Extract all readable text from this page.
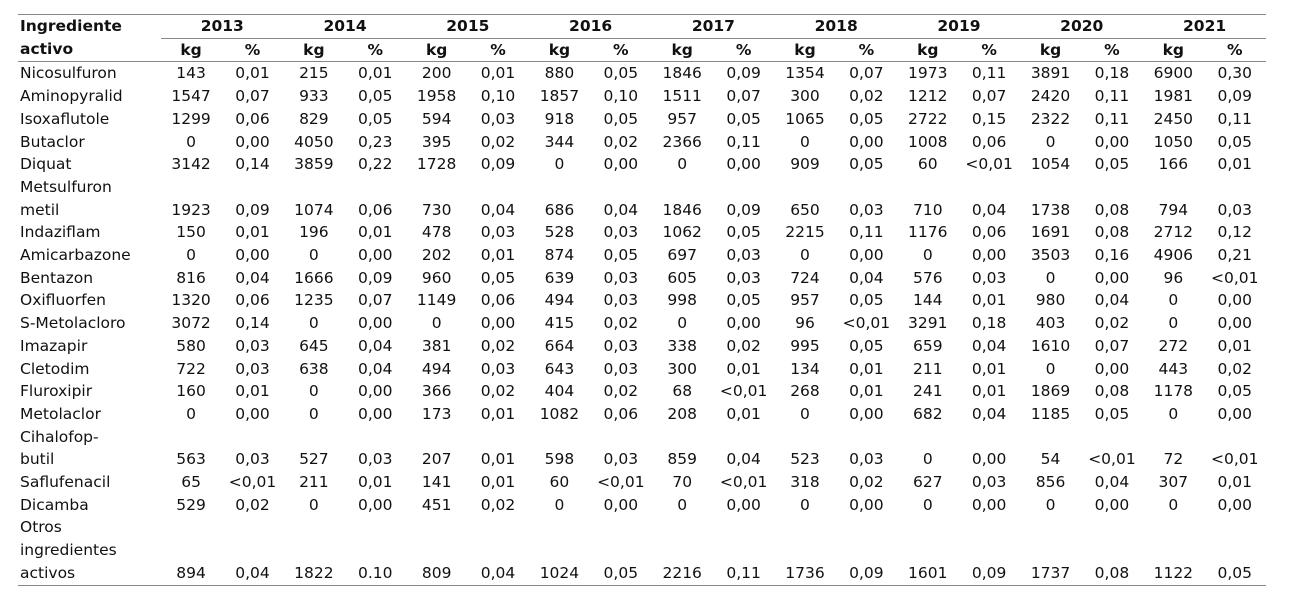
Ingrediente	2013		2014		2015		2016		2017		2018		2019		2020		2021	
activo	kg	%	kg	%	kg	%	kg	%	kg	%	kg	%	kg	%	kg	%	kg	%
Nicosulfuron	143	0,01	215	0,01	200	0,01	880	0,05	1846	0,09	1354	0,07	1973	0,11	3891	0,18	6900	0,30
Aminopyralid	1547	0,07	933	0,05	1958	0,10	1857	0,10	1511	0,07	300	0,02	1212	0,07	2420	0,11	1981	0,09
Isoxaflutole	1299	0,06	829	0,05	594	0,03	918	0,05	957	0,05	1065	0,05	2722	0,15	2322	0,11	2450	0,11
Butaclor	0	0,00	4050	0,23	395	0,02	344	0,02	2366	0,11	0	0,00	1008	0,06	0	0,00	1050	0,05
Diquat	3142	0,14	3859	0,22	1728	0,09	0	0,00	0	0,00	909	0,05	60	<0,01	1054	0,05	166	0,01
Metsulfuron																		
metil	1923	0,09	1074	0,06	730	0,04	686	0,04	1846	0,09	650	0,03	710	0,04	1738	0,08	794	0,03
Indaziflam	150	0,01	196	0,01	478	0,03	528	0,03	1062	0,05	2215	0,11	1176	0,06	1691	0,08	2712	0,12
Amicarbazone	0	0,00	0	0,00	202	0,01	874	0,05	697	0,03	0	0,00	0	0,00	3503	0,16	4906	0,21
Bentazon	816	0,04	1666	0,09	960	0,05	639	0,03	605	0,03	724	0,04	576	0,03	0	0,00	96	<0,01
Oxifluorfen	1320	0,06	1235	0,07	1149	0,06	494	0,03	998	0,05	957	0,05	144	0,01	980	0,04	0	0,00
S-Metolacloro	3072	0,14	0	0,00	0	0,00	415	0,02	0	0,00	96	<0,01	3291	0,18	403	0,02	0	0,00
Imazapir	580	0,03	645	0,04	381	0,02	664	0,03	338	0,02	995	0,05	659	0,04	1610	0,07	272	0,01
Cletodim	722	0,03	638	0,04	494	0,03	643	0,03	300	0,01	134	0,01	211	0,01	0	0,00	443	0,02
Fluroxipir	160	0,01	0	0,00	366	0,02	404	0,02	68	<0,01	268	0,01	241	0,01	1869	0,08	1178	0,05
Metolaclor	0	0,00	0	0,00	173	0,01	1082	0,06	208	0,01	0	0,00	682	0,04	1185	0,05	0	0,00
Cihalofop-																		
butil	563	0,03	527	0,03	207	0,01	598	0,03	859	0,04	523	0,03	0	0,00	54	<0,01	72	<0,01
Saflufenacil	65	<0,01	211	0,01	141	0,01	60	<0,01	70	<0,01	318	0,02	627	0,03	856	0,04	307	0,01
Dicamba	529	0,02	0	0,00	451	0,02	0	0,00	0	0,00	0	0,00	0	0,00	0	0,00	0	0,00
Otros																		
ingredientes																		
activos	894	0,04	1822	0.10	809	0,04	1024	0,05	2216	0,11	1736	0,09	1601	0,09	1737	0,08	1122	0,05
